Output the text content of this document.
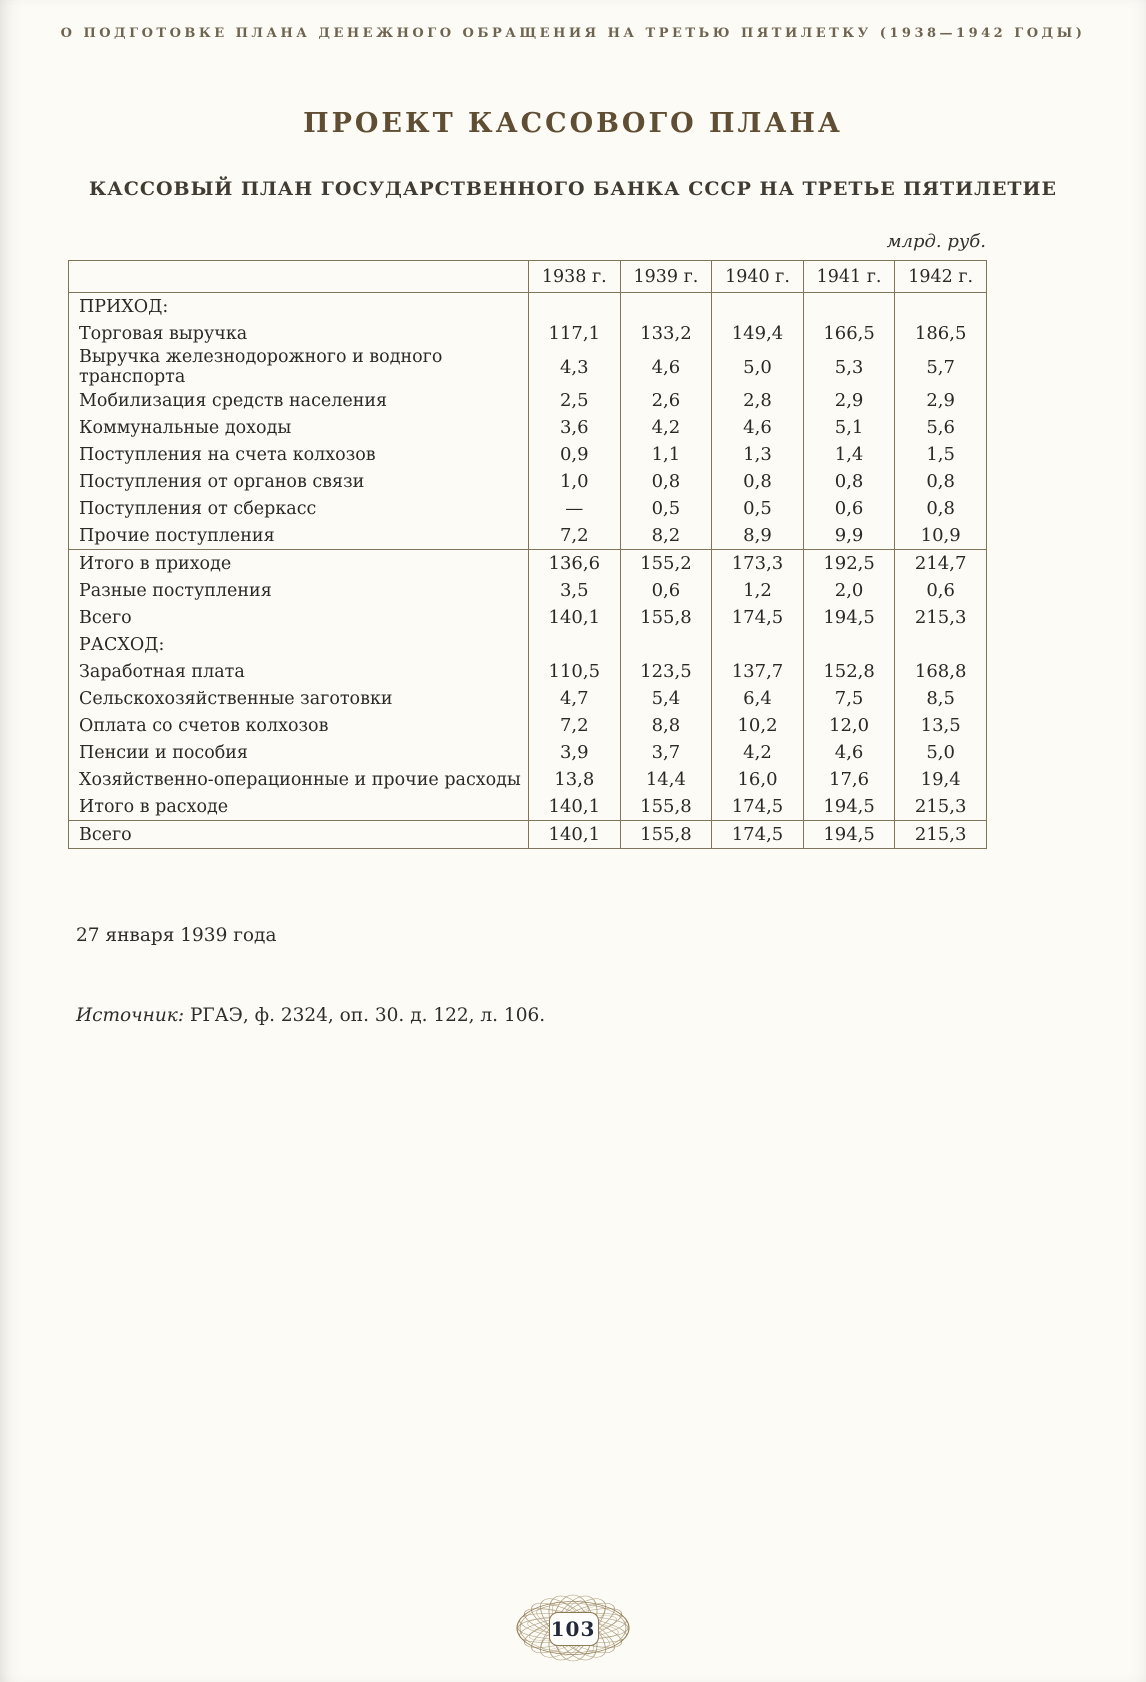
О ПОДГОТОВКЕ ПЛАНА ДЕНЕЖНОГО ОБРАЩЕНИЯ НА ТРЕТЬЮ ПЯТИЛЕТКУ (1938—1942 ГОДЫ)
ПРОЕКТ КАССОВОГО ПЛАНА
КАССОВЫЙ ПЛАН ГОСУДАРСТВЕННОГО БАНКА СССР НА ТРЕТЬЕ ПЯТИЛЕТИЕ
млрд. руб.
	1938 г.	1939 г.	1940 г.	1941 г.	1942 г.
ПРИХОД:					
Торговая выручка	117,1	133,2	149,4	166,5	186,5
Выручка железнодорожного и водного транспорта	4,3	4,6	5,0	5,3	5,7
Мобилизация средств населения	2,5	2,6	2,8	2,9	2,9
Коммунальные доходы	3,6	4,2	4,6	5,1	5,6
Поступления на счета колхозов	0,9	1,1	1,3	1,4	1,5
Поступления от органов связи	1,0	0,8	0,8	0,8	0,8
Поступления от сберкасс	—	0,5	0,5	0,6	0,8
Прочие поступления	7,2	8,2	8,9	9,9	10,9
Итого в приходе	136,6	155,2	173,3	192,5	214,7
Разные поступления	3,5	0,6	1,2	2,0	0,6
Всего	140,1	155,8	174,5	194,5	215,3
РАСХОД:					
Заработная плата	110,5	123,5	137,7	152,8	168,8
Сельскохозяйственные заготовки	4,7	5,4	6,4	7,5	8,5
Оплата со счетов колхозов	7,2	8,8	10,2	12,0	13,5
Пенсии и пособия	3,9	3,7	4,2	4,6	5,0
Хозяйственно-операционные и прочие расходы	13,8	14,4	16,0	17,6	19,4
Итого в расходе	140,1	155,8	174,5	194,5	215,3
Всего	140,1	155,8	174,5	194,5	215,3
27 января 1939 года
Источник: РГАЭ, ф. 2324, оп. 30. д. 122, л. 106.
103
